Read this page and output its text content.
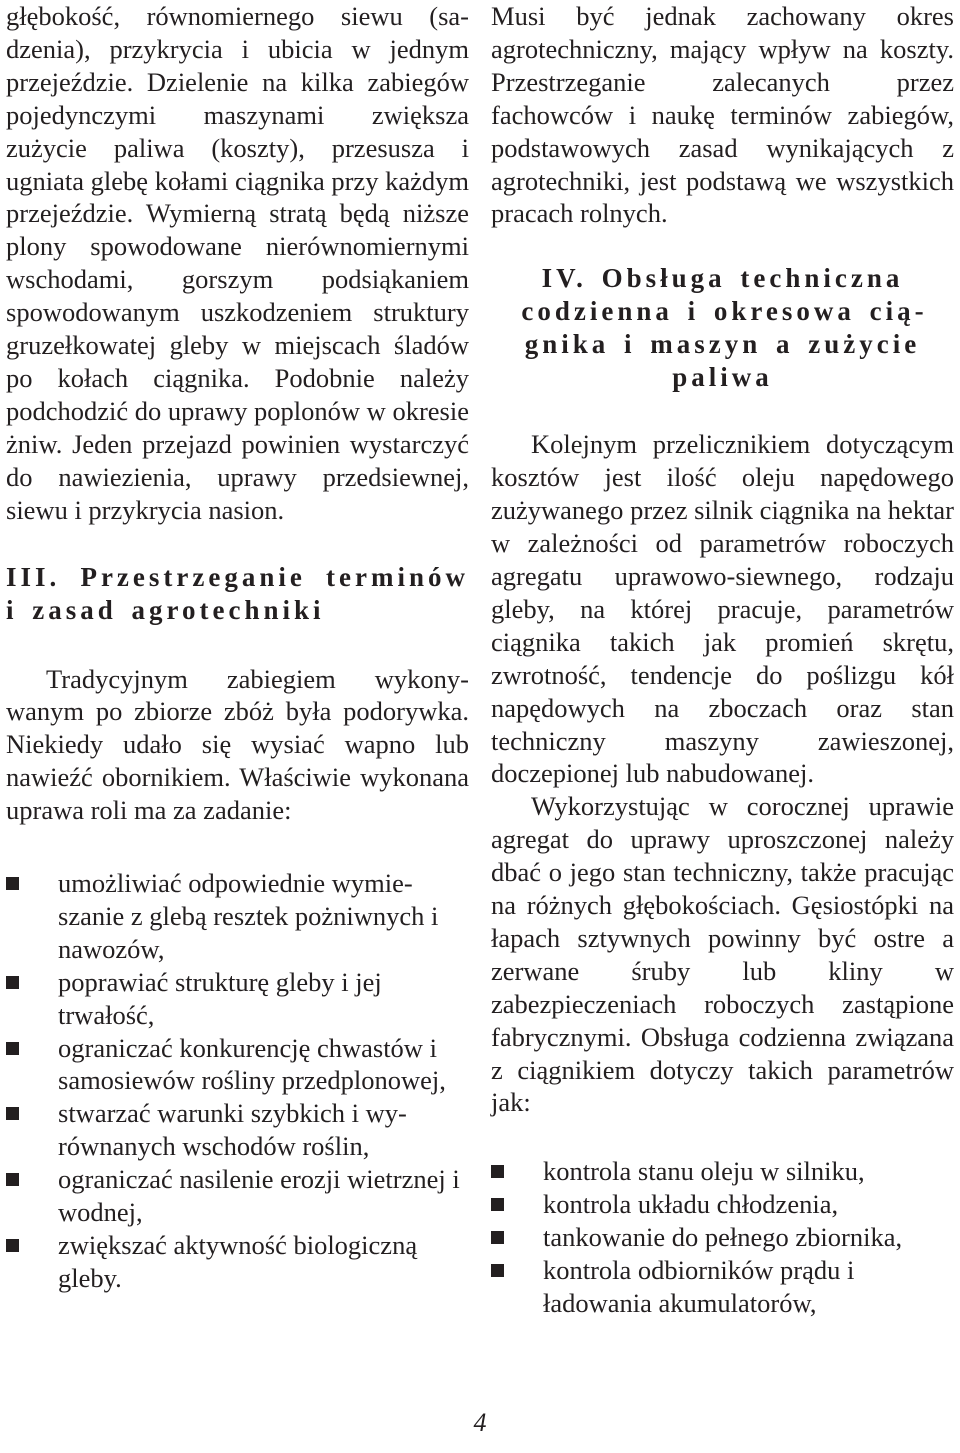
głębokość, równomiernego siewu (sadzenia), przykrycia i ubicia w jednym przejeździe. Dzielenie na kilka zabiegów pojedynczymi maszynami zwiększa zużycie paliwa (koszty), przesusza i ugniata glebę kołami ciągnika przy każdym przejeździe. Wymierną stratą będą niższe plony spowodowane nierównomiernymi wschodami, gorszym podsiąkaniem spowodowanym uszkodzeniem struktury gruzełkowatej gleby w miejscach śladów po kołach ciągnika. Podobnie należy podchodzić do uprawy poplonów w okresie żniw. Jeden przejazd powinien wystarczyć do nawiezienia, uprawy przedsiewnej, siewu i przykrycia nasion.

III. Przestrzeganie terminów i zasad agrotechniki

Tradycyjnym zabiegiem wykonywanym po zbiorze zbóż była podorywka. Niekiedy udało się wysiać wapno lub nawieźć obornikiem. Właściwie wykonana uprawa roli ma za zadanie:

umożliwiać odpowiednie wymieszanie z glebą resztek pożniwnych i nawozów,
poprawiać strukturę gleby i jej trwałość,
ograniczać konkurencję chwastów i samosiewów rośliny przedplonowej,
stwarzać warunki szybkich i wyrównanych wschodów roślin,
ograniczać nasilenie erozji wietrznej i wodnej,
zwiększać aktywność biologiczną gleby.

Musi być jednak zachowany okres agrotechniczny, mający wpływ na koszty. Przestrzeganie zalecanych przez fachowców i naukę terminów zabiegów, podstawowych zasad wynikających z agrotechniki, jest podstawą we wszystkich pracach rolnych.

IV. Obsługa techniczna codzienna i okresowa ciągnika i maszyn a zużycie paliwa

Kolejnym przelicznikiem dotyczącym kosztów jest ilość oleju napędowego zużywanego przez silnik ciągnika na hektar w zależności od parametrów roboczych agregatu uprawowo-siewnego, rodzaju gleby, na której pracuje, parametrów ciągnika takich jak promień skrętu, zwrotność, tendencje do poślizgu kół napędowych na zboczach oraz stan techniczny maszyny zawieszonej, doczepionej lub nabudowanej.

Wykorzystując w corocznej uprawie agregat do uprawy uproszczonej należy dbać o jego stan techniczny, także pracując na różnych głębokościach. Gęsiostópki na łapach sztywnych powinny być ostre a zerwane śruby lub kliny w zabezpieczeniach roboczych zastąpione fabrycznymi. Obsługa codzienna związana z ciągnikiem dotyczy takich parametrów jak:

kontrola stanu oleju w silniku,
kontrola układu chłodzenia,
tankowanie do pełnego zbiornika,
kontrola odbiorników prądu i ładowania akumulatorów,
4
